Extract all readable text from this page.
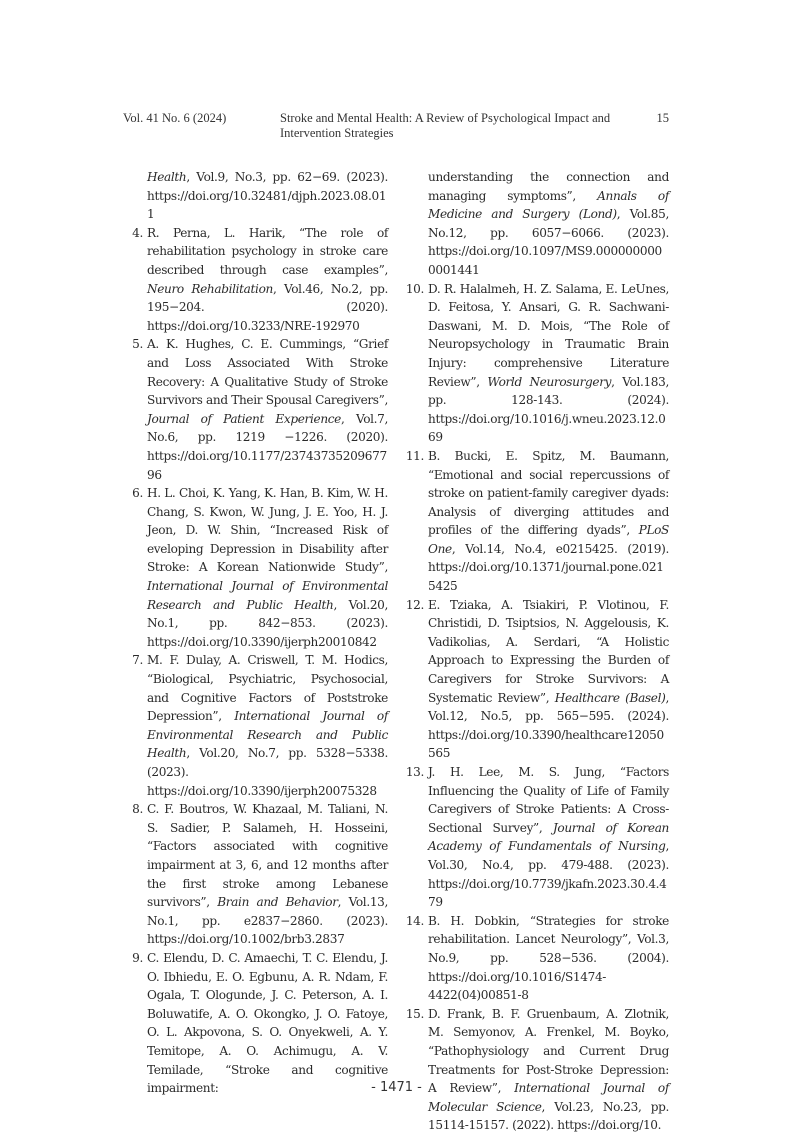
Vol. 41 No. 6 (2024)	Stroke and Mental Health: A Review of Psychological Impact and Intervention Strategies
15
Health, Vol.9, No.3, pp. 62−69. (2023). https://doi.org/10.32481/djph.2023.08.011
4. R. Perna, L. Harik, “The role of rehabilitation psychology in stroke care described through case examples”, Neuro Rehabilitation, Vol.46, No.2, pp. 195−204. (2020). https://doi.org/10.3233/NRE-192970
5. A. K. Hughes, C. E. Cummings, “Grief and Loss Associated With Stroke Recovery: A Qualitative Study of Stroke Survivors and Their Spousal Caregivers”, Journal of Patient Experience, Vol.7, No.6, pp. 1219 −1226. (2020). https://doi.org/10.1177/2374373520967796
6. H. L. Choi, K. Yang, K. Han, B. Kim, W. H. Chang, S. Kwon, W. Jung, J. E. Yoo, H. J. Jeon, D. W. Shin, “Increased Risk of eveloping Depression in Disability after Stroke: A Korean Nationwide Study”, International Journal of Environmental Research and Public Health, Vol.20, No.1, pp. 842−853. (2023). https://doi.org/10.3390/ijerph20010842
7. M. F. Dulay, A. Criswell, T. M. Hodics, “Biological, Psychiatric, Psychosocial, and Cognitive Factors of Poststroke Depression”, International Journal of Environmental Research and Public Health, Vol.20, No.7, pp. 5328−5338. (2023). https://doi.org/10.3390/ijerph20075328
8. C. F. Boutros, W. Khazaal, M. Taliani, N. S. Sadier, P. Salameh, H. Hosseini, “Factors associated with cognitive impairment at 3, 6, and 12 months after the first stroke among Lebanese survivors”, Brain and Behavior, Vol.13, No.1, pp. e2837−2860. (2023). https://doi.org/10.1002/brb3.2837
9. C. Elendu, D. C. Amaechi, T. C. Elendu, J. O. Ibhiedu, E. O. Egbunu, A. R. Ndam, F. Ogala, T. Ologunde, J. C. Peterson, A. I. Boluwatife, A. O. Okongko, J. O. Fatoye, O. L. Akpovona, S. O. Onyekweli, A. Y. Temitope, A. O. Achimugu, A. V. Temilade, “Stroke and cognitive impairment:
understanding the connection and managing symptoms”, Annals of Medicine and Surgery (Lond), Vol.85, No.12, pp. 6057−6066. (2023). https://doi.org/10.1097/MS9.0000000000001441
10. D. R. Halalmeh, H. Z. Salama, E. LeUnes, D. Feitosa, Y. Ansari, G. R. Sachwani-Daswani, M. D. Mois, “The Role of Neuropsychology in Traumatic Brain Injury: comprehensive Literature Review”, World Neurosurgery, Vol.183, pp. 128-143. (2024). https://doi.org/10.1016/j.wneu.2023.12.069
11. B. Bucki, E. Spitz, M. Baumann, “Emotional and social repercussions of stroke on patient-family caregiver dyads: Analysis of diverging attitudes and profiles of the differing dyads”, PLoS One, Vol.14, No.4, e0215425. (2019). https://doi.org/10.1371/journal.pone.0215425
12. E. Tziaka, A. Tsiakiri, P. Vlotinou, F. Christidi, D. Tsiptsios, N. Aggelousis, K. Vadikolias, A. Serdari, “A Holistic Approach to Expressing the Burden of Caregivers for Stroke Survivors: A Systematic Review”, Healthcare (Basel), Vol.12, No.5, pp. 565−595. (2024). https://doi.org/10.3390/healthcare12050565
13. J. H. Lee, M. S. Jung, “Factors Influencing the Quality of Life of Family Caregivers of Stroke Patients: A Cross-Sectional Survey”, Journal of Korean Academy of Fundamentals of Nursing, Vol.30, No.4, pp. 479-488. (2023). https://doi.org/10.7739/jkafn.2023.30.4.479
14. B. H. Dobkin, “Strategies for stroke rehabilitation. Lancet Neurology”, Vol.3, No.9, pp. 528−536. (2004). https://doi.org/10.1016/S1474-4422(04)00851-8
15. D. Frank, B. F. Gruenbaum, A. Zlotnik, M. Semyonov, A. Frenkel, M. Boyko, “Pathophysiology and Current Drug Treatments for Post-Stroke Depression: A Review”, International Journal of Molecular Science, Vol.23, No.23, pp. 15114-15157. (2022). https://doi.org/10.
- 1471 -
